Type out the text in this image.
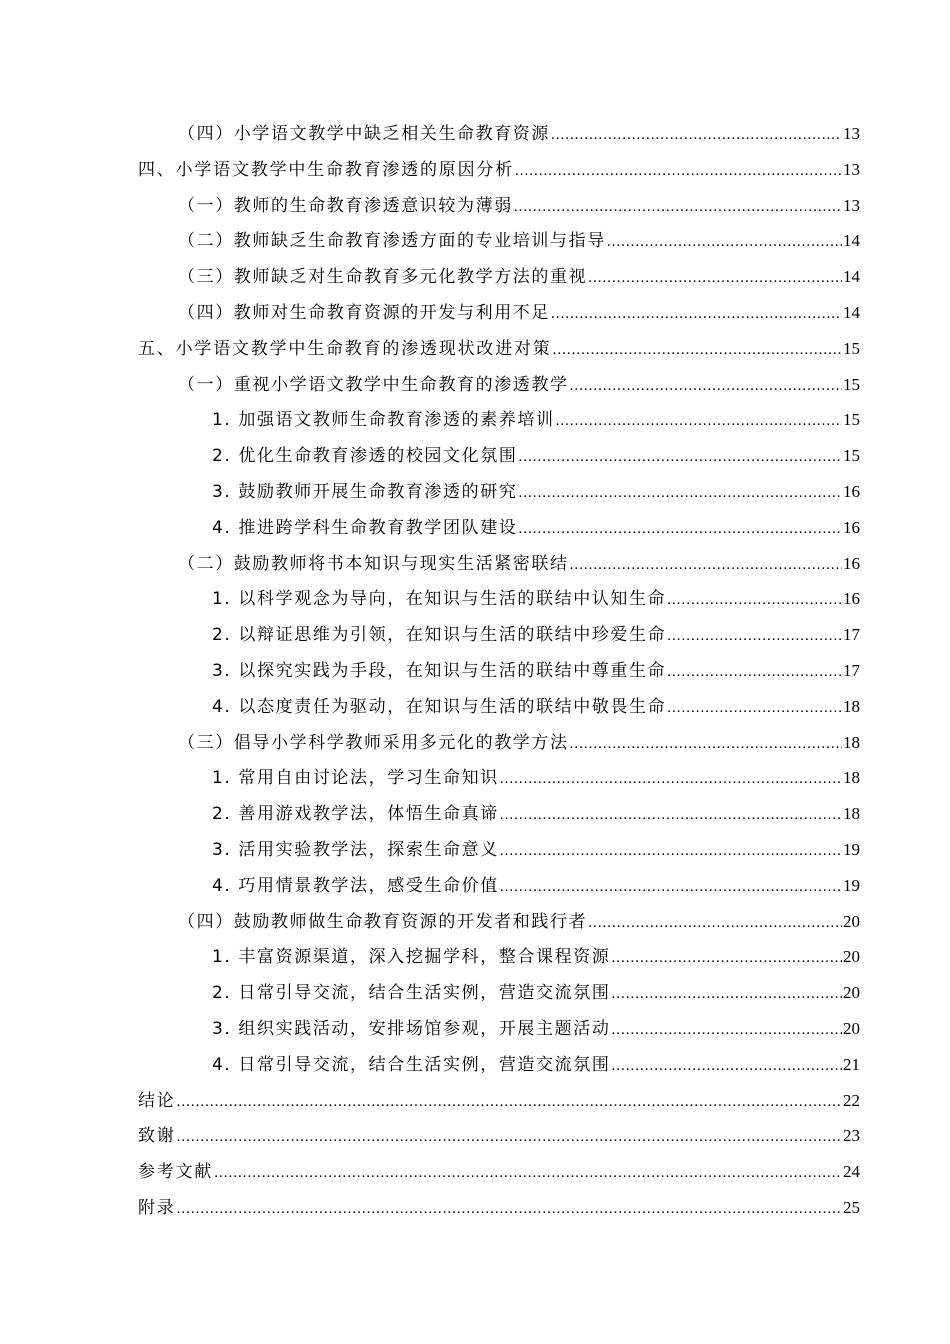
（四）小学语文教学中缺乏相关生命教育资源 .....	13
四、小学语文教学中生命教育渗透的原因分析 .....	13
（一）教师的生命教育渗透意识较为薄弱 .....	13
（二）教师缺乏生命教育渗透方面的专业培训与指导 .....	14
（三）教师缺乏对生命教育多元化教学方法的重视 .....	14
（四）教师对生命教育资源的开发与利用不足 .....	14
五、小学语文教学中生命教育的渗透现状改进对策 .....	15
（一）重视小学语文教学中生命教育的渗透教学 .....	15
1. 加强语文教师生命教育渗透的素养培训 .....	15
2. 优化生命教育渗透的校园文化氛围 .....	15
3. 鼓励教师开展生命教育渗透的研究 .....	16
4. 推进跨学科生命教育教学团队建设 .....	16
（二）鼓励教师将书本知识与现实生活紧密联结 .....	16
1. 以科学观念为导向，在知识与生活的联结中认知生命 .....	16
2. 以辩证思维为引领，在知识与生活的联结中珍爱生命 .....	17
3. 以探究实践为手段，在知识与生活的联结中尊重生命 .....	17
4. 以态度责任为驱动，在知识与生活的联结中敬畏生命 .....	18
（三）倡导小学科学教师采用多元化的教学方法 .....	18
1. 常用自由讨论法，学习生命知识 .....	18
2. 善用游戏教学法，体悟生命真谛 .....	18
3. 活用实验教学法，探索生命意义 .....	19
4. 巧用情景教学法，感受生命价值 .....	19
（四）鼓励教师做生命教育资源的开发者和践行者 .....	20
1. 丰富资源渠道，深入挖掘学科，整合课程资源 .....	20
2. 日常引导交流，结合生活实例，营造交流氛围 .....	20
3. 组织实践活动，安排场馆参观，开展主题活动 .....	20
4. 日常引导交流，结合生活实例，营造交流氛围 .....	21
结论 .....	22
致谢 .....	23
参考文献 .....	24
附录 .....	25
